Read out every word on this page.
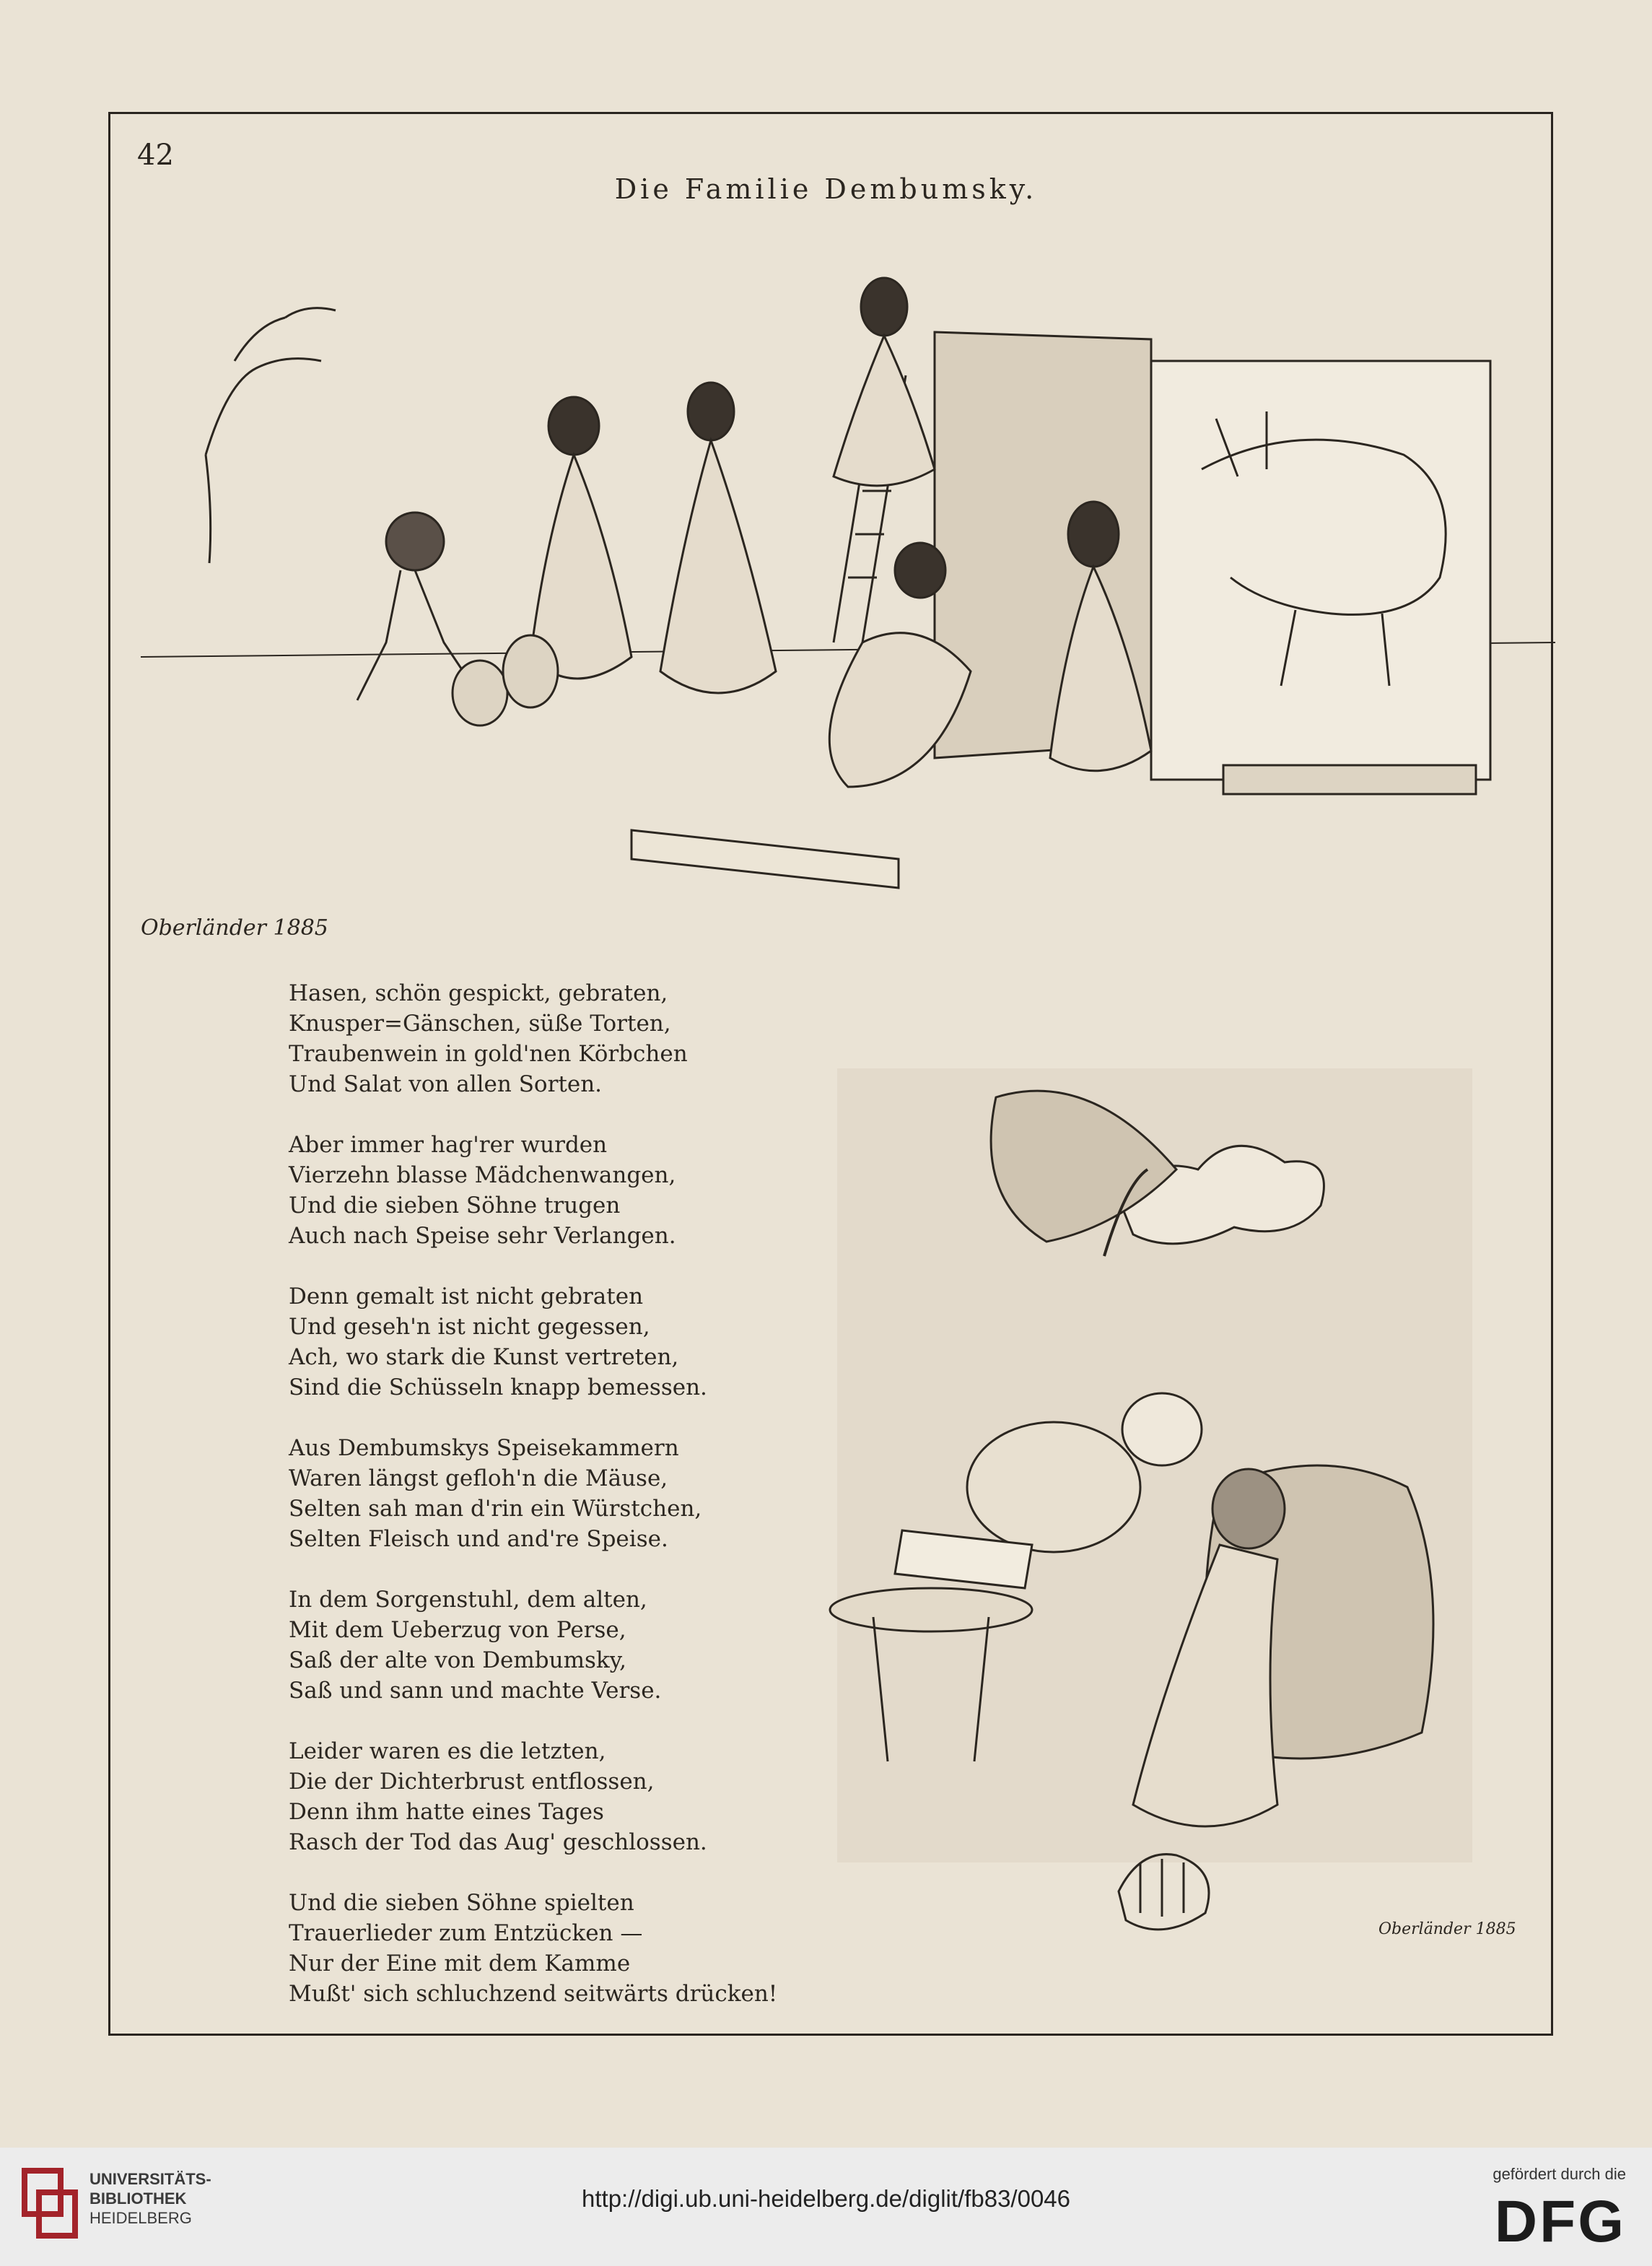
42
Die Familie Dembumsky.
Oberländer 1885
Hasen, schön gespickt, gebraten,
Knusper=Gänschen, süße Torten,
Traubenwein in gold'nen Körbchen
Und Salat von allen Sorten.
Aber immer hag'rer wurden
Vierzehn blasse Mädchenwangen,
Und die sieben Söhne trugen
Auch nach Speise sehr Verlangen.
Denn gemalt ist nicht gebraten
Und geseh'n ist nicht gegessen,
Ach, wo stark die Kunst vertreten,
Sind die Schüsseln knapp bemessen.
Aus Dembumskys Speisekammern
Waren längst gefloh'n die Mäuse,
Selten sah man d'rin ein Würstchen,
Selten Fleisch und and're Speise.
In dem Sorgenstuhl, dem alten,
Mit dem Ueberzug von Perse,
Saß der alte von Dembumsky,
Saß und sann und machte Verse.
Leider waren es die letzten,
Die der Dichterbrust entflossen,
Denn ihm hatte eines Tages
Rasch der Tod das Aug' geschlossen.
Und die sieben Söhne spielten
Trauerlieder zum Entzücken —
Nur der Eine mit dem Kamme
Mußt' sich schluchzend seitwärts drücken!
Oberländer 1885
UNIVERSITÄTS-
BIBLIOTHEK
HEIDELBERG
http://digi.ub.uni-heidelberg.de/diglit/fb83/0046
gefördert durch die
DFG
